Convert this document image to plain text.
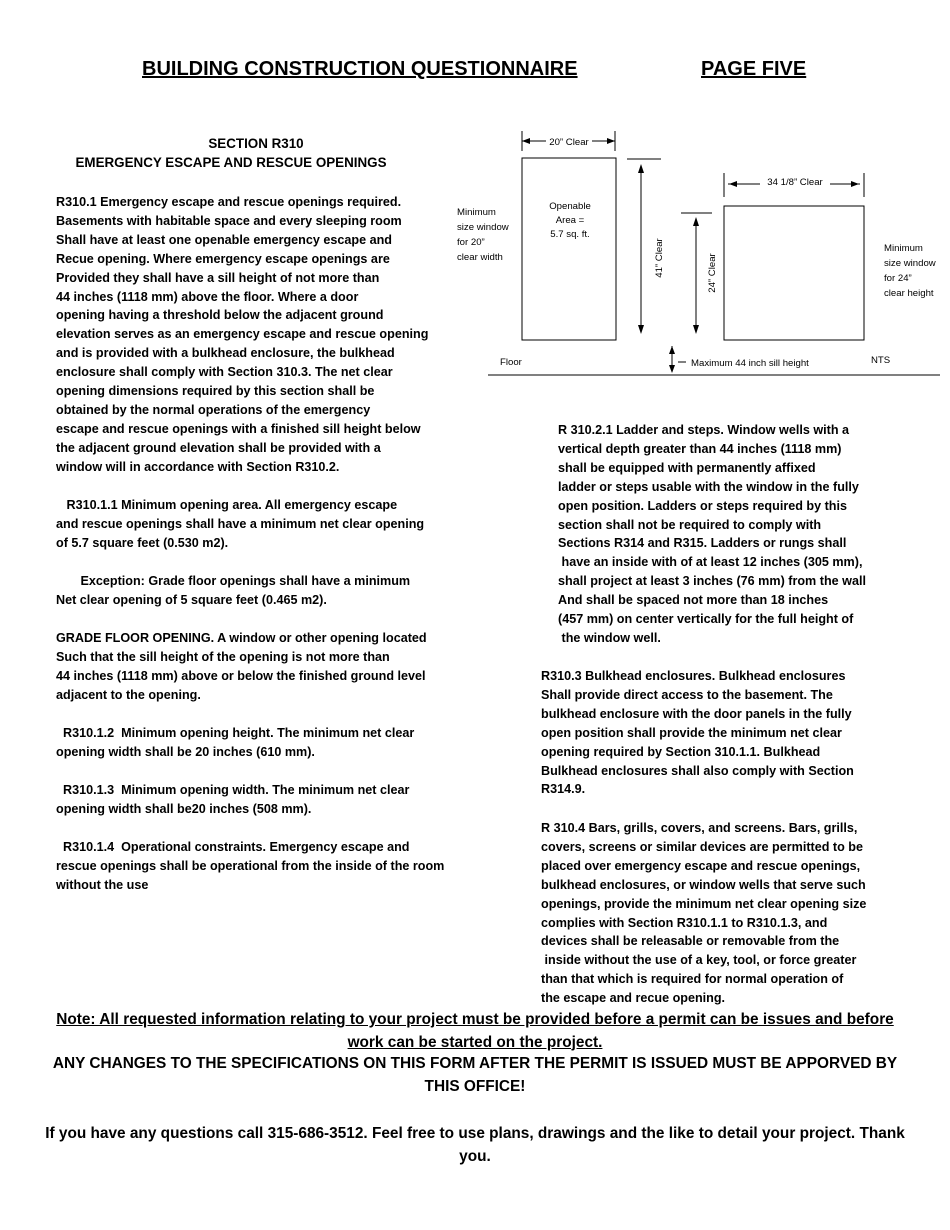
BUILDING CONSTRUCTION QUESTIONNAIRE	PAGE FIVE
SECTION R310
EMERGENCY ESCAPE AND RESCUE OPENINGS
R310.1 Emergency escape and rescue openings required.
Basements with habitable space and every sleeping room
Shall have at least one openable emergency escape and
Recue opening. Where emergency escape openings are
Provided they shall have a sill height of not more than
44 inches (1118 mm) above the floor. Where a door
opening having a threshold below the adjacent ground
elevation serves as an emergency escape and rescue opening
and is provided with a bulkhead enclosure, the bulkhead
enclosure shall comply with Section 310.3. The net clear
opening dimensions required by this section shall be
obtained by the normal operations of the emergency
escape and rescue openings with a finished sill height below
the adjacent ground elevation shall be provided with a
window will in accordance with Section R310.2.
R310.1.1 Minimum opening area. All emergency escape
and rescue openings shall have a minimum net clear opening
of 5.7 square feet (0.530 m2).
Exception: Grade floor openings shall have a minimum
Net clear opening of 5 square feet (0.465 m2).
GRADE FLOOR OPENING. A window or other opening located
Such that the sill height of the opening is not more than
44 inches (1118 mm) above or below the finished ground level
adjacent to the opening.
R310.1.2  Minimum opening height. The minimum net clear
opening width shall be 20 inches (610 mm).
R310.1.3  Minimum opening width. The minimum net clear
opening width shall be20 inches (508 mm).
R310.1.4  Operational constraints. Emergency escape and
rescue openings shall be operational from the inside of the room
without the use
20” Clear
34 1/8” Clear
Openable
Area =
5.7 sq. ft.
41” Clear	24” Clear
Minimum
size window
for 20”
clear width
Minimum
size window
for 24”
clear height
Floor	Maximum 44 inch sill height	NTS
R 310.2.1 Ladder and steps. Window wells with a
vertical depth greater than 44 inches (1118 mm)
shall be equipped with permanently affixed
ladder or steps usable with the window in the fully
open position. Ladders or steps required by this
section shall not be required to comply with
Sections R314 and R315. Ladders or rungs shall
have an inside with of at least 12 inches (305 mm),
shall project at least 3 inches (76 mm) from the wall
And shall be spaced not more than 18 inches
(457 mm) on center vertically for the full height of
the window well.
R310.3 Bulkhead enclosures. Bulkhead enclosures
Shall provide direct access to the basement. The
bulkhead enclosure with the door panels in the fully
open position shall provide the minimum net clear
opening required by Section 310.1.1. Bulkhead
Bulkhead enclosures shall also comply with Section
R314.9.
R 310.4 Bars, grills, covers, and screens. Bars, grills,
covers, screens or similar devices are permitted to be
placed over emergency escape and rescue openings,
bulkhead enclosures, or window wells that serve such
openings, provide the minimum net clear opening size
complies with Section R310.1.1 to R310.1.3, and
devices shall be releasable or removable from the
inside without the use of a key, tool, or force greater
than that which is required for normal operation of
the escape and recue opening.
Note: All requested information relating to your project must be provided before a permit can be issues and before work can be started on the project.
ANY CHANGES TO THE SPECIFICATIONS ON THIS FORM AFTER THE PERMIT IS ISSUED MUST BE APPORVED BY THIS OFFICE!
If you have any questions call 315-686-3512. Feel free to use plans, drawings and the like to detail your project. Thank you.
